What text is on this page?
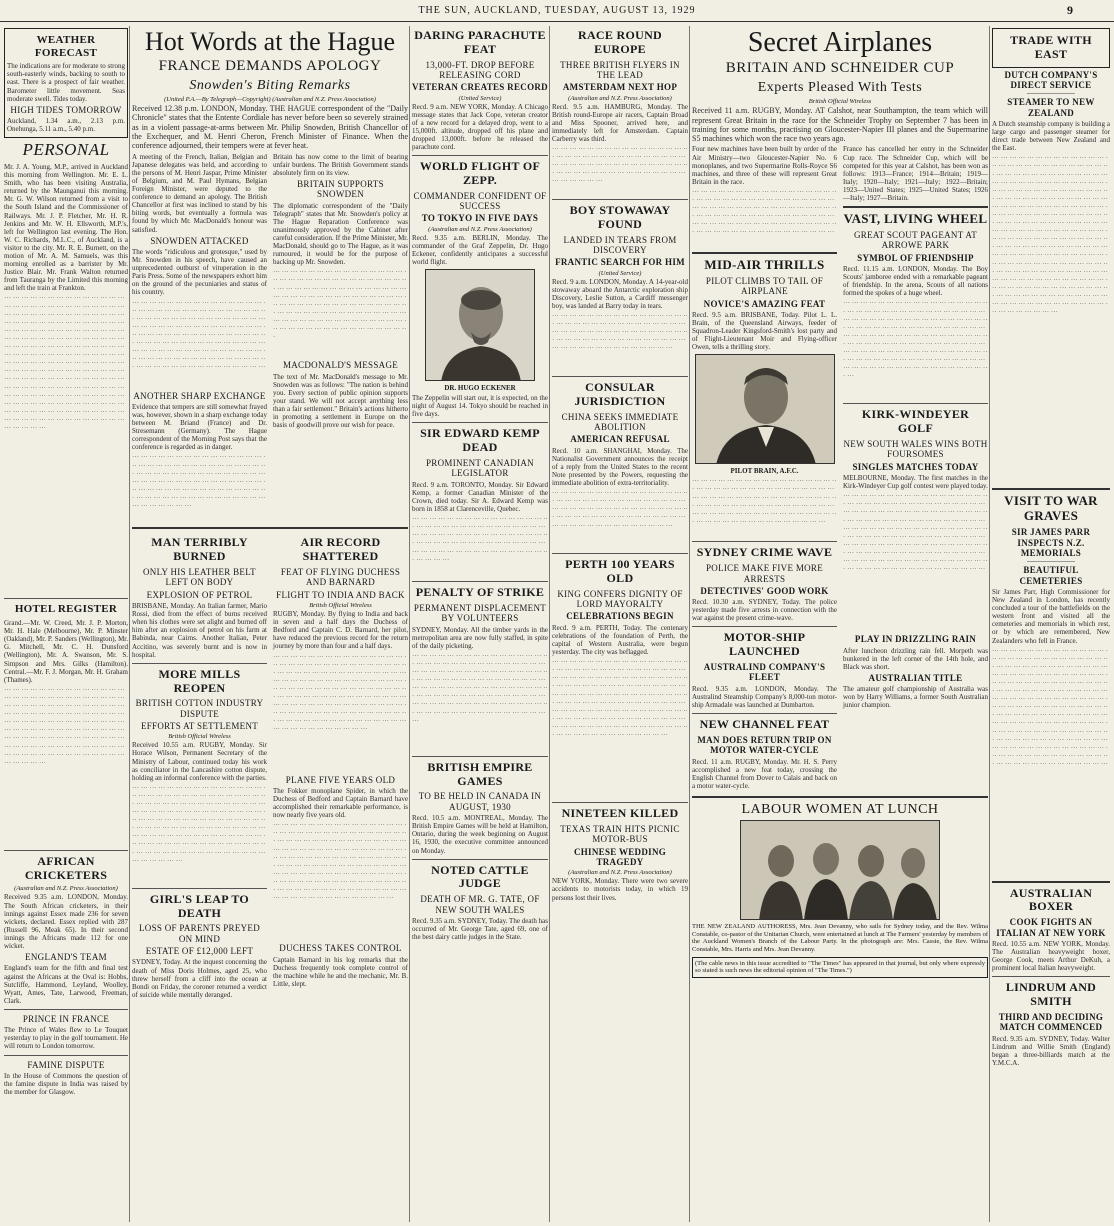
THE SUN, AUCKLAND, TUESDAY, AUGUST 13, 1929	9
WEATHER FORECAST
The indications are for moderate to strong south-easterly winds, backing to south to east. There is a prospect of fair weather. Barometer little movement. Seas moderate swell. Tides today.
HIGH TIDES TOMORROW
Auckland, 1.34 a.m., 2.13 p.m. Onehunga, 5.11 a.m., 5.40 p.m.
PERSONAL
Mr. J. A. Young, M.P., arrived in Auckland this morning from Wellington. Mr. E. L. Smith, who has been visiting Australia, returned by the Maunganui this morning. Mr. G. W. Wilson returned from a visit to the South Island and the Commissioner of Railways. Mr. J. P. Fletcher, Mr. H. R. Jenkins and Mr. W. H. Ellsworth, M.P.'s, left for Wellington last evening. The Hon. W. C. Richards, M.L.C., of Auckland, is a visitor to the city. Mr. R. E. Burnett, on the motion of Mr. A. M. Samuels, was this morning enrolled as a barrister by Mr. Justice Blair. Mr. Frank Walton returned from Tauranga by the Limited this morning and left the train at Frankton.
··· ··· ··· ··· ··· ··· ··· ··· ··· ··· ··· ··· ··· ··· ··· ··· ··· ··· ··· ··· ··· ··· ··· ··· ··· ··· ··· ··· ··· ··· ··· ··· ··· ··· ··· ··· ··· ··· ··· ··· ··· ··· ··· ··· ··· ··· ··· ··· ··· ··· ··· ··· ··· ··· ··· ··· ··· ··· ··· ··· ··· ··· ··· ··· ··· ··· ··· ··· ··· ··· ··· ··· ··· ··· ··· ··· ··· ··· ··· ··· ··· ··· ··· ··· ··· ··· ··· ··· ··· ··· ··· ··· ··· ··· ··· ··· ··· ··· ··· ··· ··· ··· ··· ··· ··· ··· ··· ··· ··· ··· ··· ··· ··· ··· ··· ··· ··· ··· ··· ··· ··· ··· ··· ··· ··· ··· ··· ··· ··· ··· ··· ··· ··· ··· ··· ··· ··· ··· ··· ··· ··· ··· ··· ··· ··· ··· ··· ··· ··· ··· ··· ··· ··· ··· ··· ··· ··· ··· ··· ··· ··· ··· ··· ··· ··· ··· ··· ··· ··· ··· ··· ··· ··· ··· ··· ··· ··· ··· ··· ··· ··· ··· ··· ··· ··· ··· ··· ··· ··· ··· ··· ··· ··· ··· ··· ··· ··· ··· ··· ··· ··· ··· ··· ··· ··· ··· ··· ··· ··· ··· ··· ··· ··· ··· ··· ··· ··· ··· ··· ··· ··· ··· ··· ··· ··· ··· ··· ··· ···
HOTEL REGISTER
Grand.—Mr. W. Creed, Mr. J. P. Morton, Mr. H. Hale (Melbourne), Mr. P. Minster (Oakland), Mr. P. Sanders (Wellington), Mr. G. Mitchell, Mr. C. H. Dunsford (Wellington), Mr. A. Swanson, Mr. S. Simpson and Mrs. Gilks (Hamilton). Central.—Mr. F. J. Morgan, Mr. H. Graham (Thames).
··· ··· ··· ··· ··· ··· ··· ··· ··· ··· ··· ··· ··· ··· ··· ··· ··· ··· ··· ··· ··· ··· ··· ··· ··· ··· ··· ··· ··· ··· ··· ··· ··· ··· ··· ··· ··· ··· ··· ··· ··· ··· ··· ··· ··· ··· ··· ··· ··· ··· ··· ··· ··· ··· ··· ··· ··· ··· ··· ··· ··· ··· ··· ··· ··· ··· ··· ··· ··· ··· ··· ··· ··· ··· ··· ··· ··· ··· ··· ··· ··· ··· ··· ··· ··· ··· ··· ··· ··· ··· ··· ··· ··· ··· ··· ··· ··· ··· ··· ··· ··· ··· ··· ··· ··· ··· ··· ··· ··· ··· ··· ··· ··· ··· ··· ··· ··· ··· ··· ··· ··· ··· ··· ··· ··· ··· ··· ··· ··· ··· ···
AFRICAN CRICKETERS
(Australian and N.Z. Press Association)
Received 9.35 a.m. LONDON, Monday. The South African cricketers, in their innings against Essex made 236 for seven wickets, declared. Essex replied with 287 (Russell 96, Meak 65). In their second innings the Africans made 112 for one wicket.
ENGLAND'S TEAM
England's team for the fifth and final test against the Africans at the Oval is: Hobbs, Sutcliffe, Hammond, Leyland, Woolley, Wyatt, Ames, Tate, Larwood, Freeman, Clark.
PRINCE IN FRANCE
The Prince of Wales flew to Le Touquet yesterday to play in the golf tournament. He will return to London tomorrow.
FAMINE DISPUTE
In the House of Commons the question of the famine dispute in India was raised by the member for Glasgow.
Hot Words at the Hague
FRANCE DEMANDS APOLOGY
Snowden's Biting Remarks
(United P.A.—By Telegraph—Copyright) (Australian and N.Z. Press Association)
Received 12.38 p.m. LONDON, Monday. THE HAGUE correspondent of the "Daily Chronicle" states that the Entente Cordiale has never before been so severely strained as in a violent passage-at-arms between Mr. Philip Snowden, British Chancellor of the Exchequer, and M. Henri Cheron, French Minister of Finance. When the conference adjourned, their tempers were at fever heat.
A meeting of the French, Italian, Belgian and Japanese delegates was held, and according to the persons of M. Henri Jaspar, Prime Minister of Belgium, and M. Paul Hymans, Belgian Foreign Minister, were deputed to the conference to demand an apology. The British Chancellor at first was inclined to stand by his biting words, but eventually a formula was found by which Mr. MacDonald's honour was satisfied.
SNOWDEN ATTACKED
The words "ridiculous and grotesque," used by Mr. Snowden in his speech, have caused an unprecedented outburst of vituperation in the Paris Press. Some of the newspapers exhort him on the ground of the pecuniaries and status of his country.
··· ··· ··· ··· ··· ··· ··· ··· ··· ··· ··· ··· ··· ··· ··· ··· ··· ··· ··· ··· ··· ··· ··· ··· ··· ··· ··· ··· ··· ··· ··· ··· ··· ··· ··· ··· ··· ··· ··· ··· ··· ··· ··· ··· ··· ··· ··· ··· ··· ··· ··· ··· ··· ··· ··· ··· ··· ··· ··· ··· ··· ··· ··· ··· ··· ··· ··· ··· ··· ··· ··· ··· ··· ··· ··· ··· ··· ··· ··· ··· ··· ··· ··· ··· ··· ··· ··· ··· ··· ··· ··· ··· ··· ··· ··· ··· ··· ··· ··· ··· ··· ··· ··· ··· ··· ··· ··· ··· ··· ··· ··· ··· ··· ··· ··· ··· ··· ··· ··· ··· ··· ··· ··· ··· ··· ··· ··· ··· ··· ··· ··· ··· ··· ··· ··· ··· ··· ···
ANOTHER SHARP EXCHANGE
Evidence that tempers are still somewhat frayed was, however, shown in a sharp exchange today between M. Briand (France) and Dr. Stresemann (Germany). The Hague correspondent of the Morning Post says that the conference is regarded as in danger.
··· ··· ··· ··· ··· ··· ··· ··· ··· ··· ··· ··· ··· ··· ··· ··· ··· ··· ··· ··· ··· ··· ··· ··· ··· ··· ··· ··· ··· ··· ··· ··· ··· ··· ··· ··· ··· ··· ··· ··· ··· ··· ··· ··· ··· ··· ··· ··· ··· ··· ··· ··· ··· ··· ··· ··· ··· ··· ··· ··· ··· ··· ··· ··· ··· ··· ··· ··· ··· ··· ··· ··· ··· ··· ··· ··· ··· ··· ··· ··· ··· ··· ··· ··· ··· ··· ··· ··· ··· ··· ··· ··· ··· ··· ··· ··· ··· ··· ···
Britain has now come to the limit of bearing unfair burdens. The British Government stands absolutely firm on its view.
BRITAIN SUPPORTS SNOWDEN
The diplomatic correspondent of the "Daily Telegraph" states that Mr. Snowden's policy at The Hague Reparation Conference was unanimously approved by the Cabinet after careful consideration. If the Prime Minister, Mr. MacDonald, should go to The Hague, as it was rumoured, it would be for the purpose of backing up Mr. Snowden.
··· ··· ··· ··· ··· ··· ··· ··· ··· ··· ··· ··· ··· ··· ··· ··· ··· ··· ··· ··· ··· ··· ··· ··· ··· ··· ··· ··· ··· ··· ··· ··· ··· ··· ··· ··· ··· ··· ··· ··· ··· ··· ··· ··· ··· ··· ··· ··· ··· ··· ··· ··· ··· ··· ··· ··· ··· ··· ··· ··· ··· ··· ··· ··· ··· ··· ··· ··· ··· ··· ··· ··· ··· ··· ··· ··· ··· ··· ··· ··· ··· ··· ··· ··· ··· ··· ··· ··· ··· ··· ··· ··· ··· ··· ··· ··· ··· ··· ··· ··· ··· ··· ··· ··· ··· ··· ··· ··· ··· ··· ··· ··· ··· ··· ··· ··· ··· ··· ··· ··· ··· ··· ···
MACDONALD'S MESSAGE
The text of Mr. MacDonald's message to Mr. Snowden was as follows: "The nation is behind you. Every section of public opinion supports your stand. We will not accept anything less than a fair settlement." Britain's actions hitherto in promoting a settlement in Europe on the basis of goodwill prove our wish for peace.
MAN TERRIBLY BURNED
ONLY HIS LEATHER BELT LEFT ON BODY
EXPLOSION OF PETROL
BRISBANE, Monday. An Italian farmer, Mario Rossi, died from the effect of burns received when his clothes were set alight and burned off him after an explosion of petrol on his farm at Babinda, near Cairns. Another Italian, Peter Accitino, was severely burnt and is now in hospital.
MORE MILLS REOPEN
BRITISH COTTON INDUSTRY DISPUTE
EFFORTS AT SETTLEMENT
British Official Wireless
Received 10.55 a.m. RUGBY, Monday. Sir Horace Wilson, Permanent Secretary of the Ministry of Labour, continued today his work as conciliator in the Lancashire cotton dispute, holding an informal conference with the parties.
··· ··· ··· ··· ··· ··· ··· ··· ··· ··· ··· ··· ··· ··· ··· ··· ··· ··· ··· ··· ··· ··· ··· ··· ··· ··· ··· ··· ··· ··· ··· ··· ··· ··· ··· ··· ··· ··· ··· ··· ··· ··· ··· ··· ··· ··· ··· ··· ··· ··· ··· ··· ··· ··· ··· ··· ··· ··· ··· ··· ··· ··· ··· ··· ··· ··· ··· ··· ··· ··· ··· ··· ··· ··· ··· ··· ··· ··· ··· ··· ··· ··· ··· ··· ··· ··· ··· ··· ··· ··· ··· ··· ··· ··· ··· ··· ··· ··· ··· ··· ··· ··· ··· ··· ··· ··· ··· ··· ··· ··· ··· ··· ··· ··· ··· ··· ··· ··· ··· ··· ··· ··· ··· ··· ··· ··· ··· ··· ··· ··· ··· ··· ··· ··· ··· ··· ··· ··· ··· ··· ··· ··· ··· ···
GIRL'S LEAP TO DEATH
LOSS OF PARENTS PREYED ON MIND
ESTATE OF £12,000 LEFT
SYDNEY, Today. At the inquest concerning the death of Miss Doris Holmes, aged 25, who threw herself from a cliff into the ocean at Bondi on Friday, the coroner returned a verdict of suicide while mentally deranged.
AIR RECORD SHATTERED
FEAT OF FLYING DUCHESS AND BARNARD
FLIGHT TO INDIA AND BACK
British Official Wireless
RUGBY, Monday. By flying to India and back in seven and a half days the Duchess of Bedford and Captain C. D. Barnard, her pilot, have reduced the previous record for the return journey by more than four and a half days.
··· ··· ··· ··· ··· ··· ··· ··· ··· ··· ··· ··· ··· ··· ··· ··· ··· ··· ··· ··· ··· ··· ··· ··· ··· ··· ··· ··· ··· ··· ··· ··· ··· ··· ··· ··· ··· ··· ··· ··· ··· ··· ··· ··· ··· ··· ··· ··· ··· ··· ··· ··· ··· ··· ··· ··· ··· ··· ··· ··· ··· ··· ··· ··· ··· ··· ··· ··· ··· ··· ··· ··· ··· ··· ··· ··· ··· ··· ··· ··· ··· ··· ··· ··· ··· ··· ··· ··· ··· ··· ··· ··· ··· ··· ··· ··· ··· ··· ··· ··· ··· ··· ··· ··· ··· ··· ··· ··· ··· ··· ··· ··· ··· ··· ··· ··· ··· ··· ··· ··· ··· ··· ··· ··· ··· ··· ··· ··· ··· ··· ··· ··· ··· ··· ··· ··· ··· ··· ··· ··· ··· ··· ··· ··· ··· ··· ··· ··· ···
PLANE FIVE YEARS OLD
The Fokker monoplane Spider, in which the Duchess of Bedford and Captain Barnard have accomplished their remarkable performance, is now nearly five years old.
··· ··· ··· ··· ··· ··· ··· ··· ··· ··· ··· ··· ··· ··· ··· ··· ··· ··· ··· ··· ··· ··· ··· ··· ··· ··· ··· ··· ··· ··· ··· ··· ··· ··· ··· ··· ··· ··· ··· ··· ··· ··· ··· ··· ··· ··· ··· ··· ··· ··· ··· ··· ··· ··· ··· ··· ··· ··· ··· ··· ··· ··· ··· ··· ··· ··· ··· ··· ··· ··· ··· ··· ··· ··· ··· ··· ··· ··· ··· ··· ··· ··· ··· ··· ··· ··· ··· ··· ··· ··· ··· ··· ··· ··· ··· ··· ··· ··· ··· ··· ··· ··· ··· ··· ··· ··· ··· ··· ··· ··· ··· ··· ··· ··· ··· ··· ··· ··· ··· ··· ··· ··· ··· ··· ··· ··· ··· ··· ··· ··· ··· ··· ··· ··· ··· ··· ··· ··· ··· ··· ··· ··· ··· ··· ··· ··· ··· ··· ··· ··· ··· ···
DUCHESS TAKES CONTROL
Captain Barnard in his log remarks that the Duchess frequently took complete control of the machine while he and the mechanic, Mr. B. Little, slept.
DARING PARACHUTE FEAT
13,000-FT. DROP BEFORE RELEASING CORD
VETERAN CREATES RECORD
(United Service)
Recd. 9 a.m. NEW YORK, Monday. A Chicago message states that Jack Cope, veteran creator of a new record for a delayed drop, went to a 15,000ft. altitude, dropped off his plane and dropped 13,000ft. before he released the parachute cord.
WORLD FLIGHT OF ZEPP.
COMMANDER CONFIDENT OF SUCCESS
TO TOKYO IN FIVE DAYS
(Australian and N.Z. Press Association)
Recd. 9.35 a.m. BERLIN, Monday. The commander of the Graf Zeppelin, Dr. Hugo Eckener, confidently anticipates a successful world flight.
DR. HUGO ECKENER
The Zeppelin will start out, it is expected, on the night of August 14. Tokyo should be reached in five days.
SIR EDWARD KEMP DEAD
PROMINENT CANADIAN LEGISLATOR
Recd. 9 a.m. TORONTO, Monday. Sir Edward Kemp, a former Canadian Minister of the Crown, died today. Sir A. Edward Kemp was born in 1858 at Clarenceville, Quebec.
··· ··· ··· ··· ··· ··· ··· ··· ··· ··· ··· ··· ··· ··· ··· ··· ··· ··· ··· ··· ··· ··· ··· ··· ··· ··· ··· ··· ··· ··· ··· ··· ··· ··· ··· ··· ··· ··· ··· ··· ··· ··· ··· ··· ··· ··· ··· ··· ··· ··· ··· ··· ··· ··· ··· ··· ··· ··· ··· ··· ··· ··· ··· ··· ··· ··· ··· ··· ··· ··· ··· ··· ··· ··· ··· ··· ··· ··· ··· ··· ··· ···
PENALTY OF STRIKE
PERMANENT DISPLACEMENT BY VOLUNTEERS
SYDNEY, Monday. All the timber yards in the metropolitan area are now fully staffed, in spite of the daily picketing.
··· ··· ··· ··· ··· ··· ··· ··· ··· ··· ··· ··· ··· ··· ··· ··· ··· ··· ··· ··· ··· ··· ··· ··· ··· ··· ··· ··· ··· ··· ··· ··· ··· ··· ··· ··· ··· ··· ··· ··· ··· ··· ··· ··· ··· ··· ··· ··· ··· ··· ··· ··· ··· ··· ··· ··· ··· ··· ··· ··· ··· ··· ··· ··· ··· ··· ··· ··· ··· ··· ··· ··· ··· ··· ··· ··· ··· ··· ··· ··· ··· ··· ··· ··· ··· ··· ··· ··· ··· ··· ··· ··· ··· ··· ··· ··· ··· ··· ··· ··· ··· ··· ··· ··· ··· ··· ··· ··· ··· ··· ··· ··· ··· ··· ··· ··· ··· ··· ··· ··· ··· ··· ··· ··· ···
BRITISH EMPIRE GAMES
TO BE HELD IN CANADA IN AUGUST, 1930
Recd. 10.5 a.m. MONTREAL, Monday. The British Empire Games will be held at Hamilton, Ontario, during the week beginning on August 16, 1930, the executive committee announced on Monday.
NOTED CATTLE JUDGE
DEATH OF MR. G. TATE, OF NEW SOUTH WALES
Recd. 9.35 a.m. SYDNEY, Today. The death has occurred of Mr. George Tate, aged 69, one of the best dairy cattle judges in the State.
RACE ROUND EUROPE
THREE BRITISH FLYERS IN THE LEAD
AMSTERDAM NEXT HOP
(Australian and N.Z. Press Association)
Recd. 9.5 a.m. HAMBURG, Monday. The British round-Europe air racers, Captain Broad and Miss Spooner, arrived here, and immediately left for Amsterdam. Captain Carberry was third.
··· ··· ··· ··· ··· ··· ··· ··· ··· ··· ··· ··· ··· ··· ··· ··· ··· ··· ··· ··· ··· ··· ··· ··· ··· ··· ··· ··· ··· ··· ··· ··· ··· ··· ··· ··· ··· ··· ··· ··· ··· ··· ··· ··· ··· ··· ··· ··· ··· ··· ··· ··· ··· ··· ··· ··· ··· ··· ··· ··· ··· ··· ··· ··· ··· ··· ··· ···
BOY STOWAWAY FOUND
LANDED IN TEARS FROM DISCOVERY
FRANTIC SEARCH FOR HIM
(United Service)
Recd. 9 a.m. LONDON, Monday. A 14-year-old stowaway aboard the Antarctic exploration ship Discovery, Leslie Sutton, a Cardiff messenger boy, was landed at Barry today in tears.
··· ··· ··· ··· ··· ··· ··· ··· ··· ··· ··· ··· ··· ··· ··· ··· ··· ··· ··· ··· ··· ··· ··· ··· ··· ··· ··· ··· ··· ··· ··· ··· ··· ··· ··· ··· ··· ··· ··· ··· ··· ··· ··· ··· ··· ··· ··· ··· ··· ··· ··· ··· ··· ··· ··· ··· ··· ··· ··· ··· ··· ··· ··· ··· ··· ··· ··· ··· ··· ··· ··· ··· ··· ··· ··· ···
CONSULAR JURISDICTION
CHINA SEEKS IMMEDIATE ABOLITION
AMERICAN REFUSAL
Recd. 10 a.m. SHANGHAI, Monday. The Nationalist Government announces the receipt of a reply from the United States to the recent Note presented by the Powers, requesting the immediate abolition of extra-territoriality.
··· ··· ··· ··· ··· ··· ··· ··· ··· ··· ··· ··· ··· ··· ··· ··· ··· ··· ··· ··· ··· ··· ··· ··· ··· ··· ··· ··· ··· ··· ··· ··· ··· ··· ··· ··· ··· ··· ··· ··· ··· ··· ··· ··· ··· ··· ··· ··· ··· ··· ··· ··· ··· ··· ··· ··· ··· ··· ··· ··· ··· ··· ··· ··· ··· ··· ··· ··· ··· ··· ··· ··· ··· ··· ··· ···
PERTH 100 YEARS OLD
KING CONFERS DIGNITY OF LORD MAYORALTY
CELEBRATIONS BEGIN
Recd. 9 a.m. PERTH, Today. The centenary celebrations of the foundation of Perth, the capital of Western Australia, were begun yesterday. The city was beflagged.
··· ··· ··· ··· ··· ··· ··· ··· ··· ··· ··· ··· ··· ··· ··· ··· ··· ··· ··· ··· ··· ··· ··· ··· ··· ··· ··· ··· ··· ··· ··· ··· ··· ··· ··· ··· ··· ··· ··· ··· ··· ··· ··· ··· ··· ··· ··· ··· ··· ··· ··· ··· ··· ··· ··· ··· ··· ··· ··· ··· ··· ··· ··· ··· ··· ··· ··· ··· ··· ··· ··· ··· ··· ··· ··· ··· ··· ··· ··· ··· ··· ··· ··· ··· ··· ··· ··· ··· ··· ··· ··· ··· ··· ··· ··· ··· ··· ··· ··· ··· ··· ··· ··· ··· ··· ··· ··· ··· ··· ··· ··· ··· ··· ··· ··· ··· ··· ··· ··· ··· ··· ··· ··· ··· ··· ··· ··· ··· ··· ··· ··· ··· ··· ··· ··· ··· ··· ··· ··· ··· ··· ··· ··· ··· ··· ··· ··· ··· ··· ··· ··· ··· ···
NINETEEN KILLED
TEXAS TRAIN HITS PICNIC MOTOR-BUS
CHINESE WEDDING TRAGEDY
(Australian and N.Z. Press Association)
NEW YORK, Monday. There were two severe accidents to motorists today, in which 19 persons lost their lives.
Secret Airplanes
BRITAIN AND SCHNEIDER CUP
Experts Pleased With Tests
British Official Wireless
Received 11 a.m. RUGBY, Monday. AT Calshot, near Southampton, the team which will represent Great Britain in the race for the Schneider Trophy on September 7 has been in training for some months, practising on Gloucester-Napier III planes and the Supermarine S5 machines which won the race two years ago.
Four new machines have been built by order of the Air Ministry—two Gloucester-Napier No. 6 monoplanes, and two Supermarine Rolls-Royce S6 machines, and three of these will represent Great Britain in the race.
··· ··· ··· ··· ··· ··· ··· ··· ··· ··· ··· ··· ··· ··· ··· ··· ··· ··· ··· ··· ··· ··· ··· ··· ··· ··· ··· ··· ··· ··· ··· ··· ··· ··· ··· ··· ··· ··· ··· ··· ··· ··· ··· ··· ··· ··· ··· ··· ··· ··· ··· ··· ··· ··· ··· ··· ··· ··· ··· ··· ··· ··· ··· ··· ··· ··· ··· ··· ··· ··· ··· ··· ··· ··· ··· ··· ··· ··· ··· ··· ··· ··· ··· ··· ··· ··· ··· ··· ··· ··· ··· ··· ··· ··· ··· ··· ··· ··· ···
MID-AIR THRILLS
PILOT CLIMBS TO TAIL OF AIRPLANE
NOVICE'S AMAZING FEAT
Recd. 9.5 a.m. BRISBANE, Today. Pilot L. L. Brain, of the Queensland Airways, feeder of Squadron-Leader Kingsford-Smith's lost party and of Flight-Lieutenant Moir and Flying-officer Owen, tells a thrilling story.
PILOT BRAIN, A.F.C.
··· ··· ··· ··· ··· ··· ··· ··· ··· ··· ··· ··· ··· ··· ··· ··· ··· ··· ··· ··· ··· ··· ··· ··· ··· ··· ··· ··· ··· ··· ··· ··· ··· ··· ··· ··· ··· ··· ··· ··· ··· ··· ··· ··· ··· ··· ··· ··· ··· ··· ··· ··· ··· ··· ··· ··· ··· ··· ··· ··· ··· ··· ··· ··· ··· ··· ··· ··· ··· ··· ··· ··· ··· ··· ··· ··· ··· ··· ··· ··· ··· ··· ··· ··· ··· ··· ··· ··· ··· ··· ··· ··· ··· ··· ··· ··· ··· ···
SYDNEY CRIME WAVE
POLICE MAKE FIVE MORE ARRESTS
DETECTIVES' GOOD WORK
Recd. 10.30 a.m. SYDNEY, Today. The police yesterday made five arrests in connection with the war against the present crime-wave.
MOTOR-SHIP LAUNCHED
AUSTRALIND COMPANY'S FLEET
Recd. 9.35 a.m. LONDON, Monday. The Australind Steamship Company's 8,000-ton motor-ship Armadale was launched at Dumbarton.
NEW CHANNEL FEAT
MAN DOES RETURN TRIP ON MOTOR WATER-CYCLE
Recd. 11 a.m. RUGBY, Monday. Mr. H. S. Perry accomplished a new feat today, crossing the English Channel from Dover to Calais and back on a motor water-cycle.
France has cancelled her entry in the Schneider Cup race. The Schneider Cup, which will be competed for this year at Calshot, has been won as follows: 1913—France; 1914—Britain; 1919—Italy; 1920—Italy; 1921—Italy; 1922—Britain; 1923—United States; 1925—United States; 1926—Italy; 1927—Britain.
VAST, LIVING WHEEL
GREAT SCOUT PAGEANT AT ARROWE PARK
SYMBOL OF FRIENDSHIP
Recd. 11.15 a.m. LONDON, Monday. The Boy Scouts' jamboree ended with a remarkable pageant of friendship. In the arena, Scouts of all nations formed the spokes of a huge wheel.
··· ··· ··· ··· ··· ··· ··· ··· ··· ··· ··· ··· ··· ··· ··· ··· ··· ··· ··· ··· ··· ··· ··· ··· ··· ··· ··· ··· ··· ··· ··· ··· ··· ··· ··· ··· ··· ··· ··· ··· ··· ··· ··· ··· ··· ··· ··· ··· ··· ··· ··· ··· ··· ··· ··· ··· ··· ··· ··· ··· ··· ··· ··· ··· ··· ··· ··· ··· ··· ··· ··· ··· ··· ··· ··· ··· ··· ··· ··· ··· ··· ··· ··· ··· ··· ··· ··· ··· ··· ··· ··· ··· ··· ··· ··· ··· ··· ··· ··· ··· ··· ··· ··· ··· ··· ··· ··· ··· ··· ··· ··· ··· ··· ··· ··· ··· ··· ··· ··· ··· ··· ··· ··· ··· ··· ··· ··· ··· ··· ··· ··· ··· ··· ··· ··· ··· ··· ··· ··· ··· ··· ··· ··· ··· ··· ··· ··· ··· ··· ···
KIRK-WINDEYER GOLF
NEW SOUTH WALES WINS BOTH FOURSOMES
SINGLES MATCHES TODAY
MELBOURNE, Monday. The first matches in the Kirk-Windeyer Cup golf contest were played today.
··· ··· ··· ··· ··· ··· ··· ··· ··· ··· ··· ··· ··· ··· ··· ··· ··· ··· ··· ··· ··· ··· ··· ··· ··· ··· ··· ··· ··· ··· ··· ··· ··· ··· ··· ··· ··· ··· ··· ··· ··· ··· ··· ··· ··· ··· ··· ··· ··· ··· ··· ··· ··· ··· ··· ··· ··· ··· ··· ··· ··· ··· ··· ··· ··· ··· ··· ··· ··· ··· ··· ··· ··· ··· ··· ··· ··· ··· ··· ··· ··· ··· ··· ··· ··· ··· ··· ··· ··· ··· ··· ··· ··· ··· ··· ··· ··· ··· ··· ··· ··· ··· ··· ··· ··· ··· ··· ··· ··· ··· ··· ··· ··· ··· ··· ··· ··· ··· ··· ··· ··· ··· ··· ··· ··· ··· ··· ··· ··· ··· ··· ··· ··· ··· ··· ··· ··· ··· ··· ··· ··· ··· ··· ··· ··· ··· ··· ··· ··· ··· ··· ··· ··· ··· ··· ··· ··· ··· ··· ··· ··· ··· ··· ··· ···
PLAY IN DRIZZLING RAIN
After luncheon drizzling rain fell. Morpeth was bunkered in the left corner of the 14th hole, and Black was short.
AUSTRALIAN TITLE
The amateur golf championship of Australia was won by Harry Williams, a former South Australian junior champion.
LABOUR WOMEN AT LUNCH
THE NEW ZEALAND AUTHORESS, Mrs. Jean Devanny, who sails for Sydney today, and the Rev. Wilma Constable, co-pastor of the Unitarian Church, were entertained at lunch at The Farmers' yesterday by members of the Auckland Women's Branch of the Labour Party. In the photograph are: Mrs. Cassie, the Rev. Wilma Constable, Mrs. Harris and Mrs. Jean Devanny.
(The cable news in this issue accredited to "The Times" has appeared in that journal, but only where expressly so stated is such news the editorial opinion of "The Times.")
TRADE WITH EAST
DUTCH COMPANY'S DIRECT SERVICE
STEAMER TO NEW ZEALAND
A Dutch steamship company is building a large cargo and passenger steamer for direct trade between New Zealand and the East.
··· ··· ··· ··· ··· ··· ··· ··· ··· ··· ··· ··· ··· ··· ··· ··· ··· ··· ··· ··· ··· ··· ··· ··· ··· ··· ··· ··· ··· ··· ··· ··· ··· ··· ··· ··· ··· ··· ··· ··· ··· ··· ··· ··· ··· ··· ··· ··· ··· ··· ··· ··· ··· ··· ··· ··· ··· ··· ··· ··· ··· ··· ··· ··· ··· ··· ··· ··· ··· ··· ··· ··· ··· ··· ··· ··· ··· ··· ··· ··· ··· ··· ··· ··· ··· ··· ··· ··· ··· ··· ··· ··· ··· ··· ··· ··· ··· ··· ··· ··· ··· ··· ··· ··· ··· ··· ··· ··· ··· ··· ··· ··· ··· ··· ··· ··· ··· ··· ··· ··· ··· ··· ··· ··· ··· ··· ··· ··· ··· ··· ··· ··· ··· ··· ··· ··· ··· ··· ··· ··· ··· ··· ··· ··· ··· ··· ··· ··· ··· ··· ··· ··· ··· ··· ··· ··· ··· ··· ··· ··· ··· ··· ··· ··· ··· ··· ··· ··· ··· ··· ··· ··· ··· ··· ··· ··· ··· ··· ··· ··· ··· ··· ··· ··· ··· ··· ··· ··· ··· ··· ··· ··· ··· ··· ··· ··· ··· ··· ··· ··· ··· ··· ··· ··· ··· ··· ··· ··· ··· ··· ··· ··· ··· ··· ··· ··· ··· ··· ··· ··· ··· ··· ··· ··· ··· ··· ··· ··· ··· ··· ··· ··· ··· ··· ··· ··· ··· ··· ··· ··· ··· ··· ··· ··· ··· ··· ··· ··· ··· ··· ··· ··· ··· ··· ··· ··· ··· ··· ··· ··· ···
VISIT TO WAR GRAVES
SIR JAMES PARR INSPECTS N.Z. MEMORIALS
BEAUTIFUL CEMETERIES
Sir James Parr, High Commissioner for New Zealand in London, has recently concluded a tour of the battlefields on the western front and visited all the cemeteries and memorials in which rest, or by which are remembered, New Zealanders who fell in France.
··· ··· ··· ··· ··· ··· ··· ··· ··· ··· ··· ··· ··· ··· ··· ··· ··· ··· ··· ··· ··· ··· ··· ··· ··· ··· ··· ··· ··· ··· ··· ··· ··· ··· ··· ··· ··· ··· ··· ··· ··· ··· ··· ··· ··· ··· ··· ··· ··· ··· ··· ··· ··· ··· ··· ··· ··· ··· ··· ··· ··· ··· ··· ··· ··· ··· ··· ··· ··· ··· ··· ··· ··· ··· ··· ··· ··· ··· ··· ··· ··· ··· ··· ··· ··· ··· ··· ··· ··· ··· ··· ··· ··· ··· ··· ··· ··· ··· ··· ··· ··· ··· ··· ··· ··· ··· ··· ··· ··· ··· ··· ··· ··· ··· ··· ··· ··· ··· ··· ··· ··· ··· ··· ··· ··· ··· ··· ··· ··· ··· ··· ··· ··· ··· ··· ··· ··· ··· ··· ··· ··· ··· ··· ··· ··· ··· ··· ··· ··· ··· ··· ··· ··· ··· ··· ··· ··· ··· ··· ··· ··· ··· ··· ··· ··· ··· ··· ··· ··· ··· ··· ··· ··· ··· ··· ··· ··· ··· ··· ··· ··· ··· ··· ··· ··· ··· ··· ··· ··· ··· ··· ··· ··· ··· ··· ··· ··· ··· ··· ···
AUSTRALIAN BOXER
COOK FIGHTS AN ITALIAN AT NEW YORK
Recd. 10.55 a.m. NEW YORK, Monday. The Australian heavyweight boxer, George Cook, meets Arthur DeKuh, a prominent local Italian heavyweight.
LINDRUM AND SMITH
THIRD AND DECIDING MATCH COMMENCED
Recd. 9.35 a.m. SYDNEY, Today. Walter Lindrum and Willie Smith (England) began a three-billiards match at the Y.M.C.A.
